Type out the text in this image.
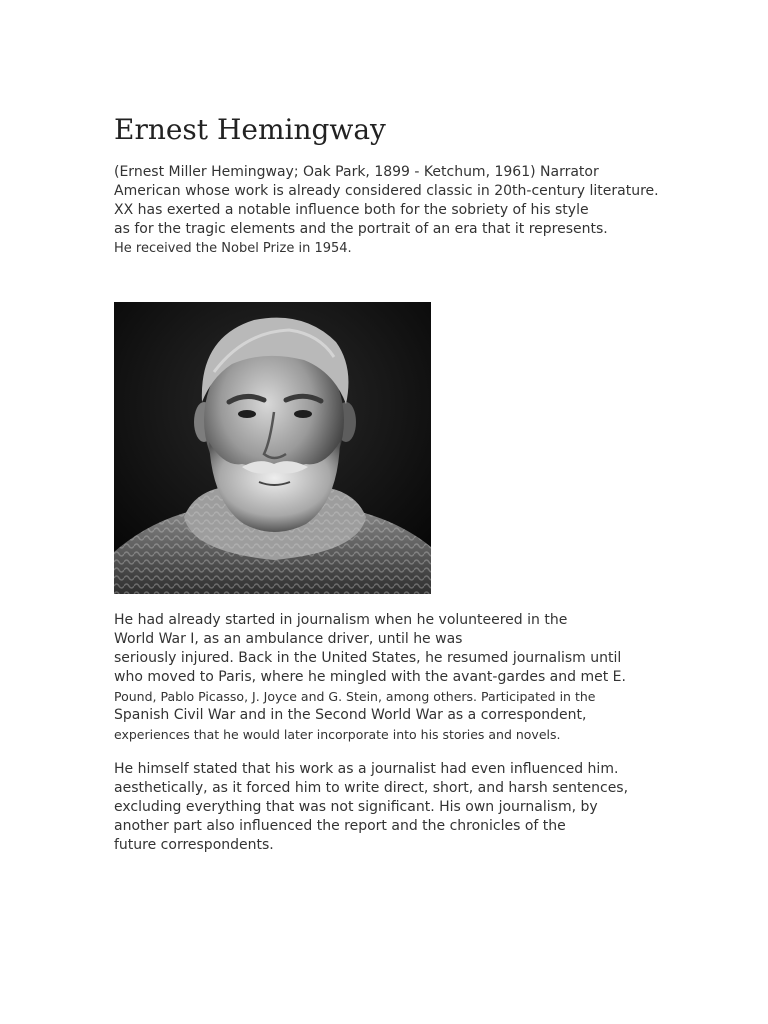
Ernest Hemingway
(Ernest Miller Hemingway; Oak Park, 1899 - Ketchum, 1961) Narrator
American whose work is already considered classic in 20th-century literature.
XX has exerted a notable influence both for the sobriety of his style
as for the tragic elements and the portrait of an era that it represents.
He received the Nobel Prize in 1954.
He had already started in journalism when he volunteered in the
World War I, as an ambulance driver, until he was
seriously injured. Back in the United States, he resumed journalism until
who moved to Paris, where he mingled with the avant-gardes and met E.
Pound, Pablo Picasso, J. Joyce and G. Stein, among others. Participated in the
Spanish Civil War and in the Second World War as a correspondent,
experiences that he would later incorporate into his stories and novels.
He himself stated that his work as a journalist had even influenced him.
aesthetically, as it forced him to write direct, short, and harsh sentences,
excluding everything that was not significant. His own journalism, by
another part also influenced the report and the chronicles of the
future correspondents.
